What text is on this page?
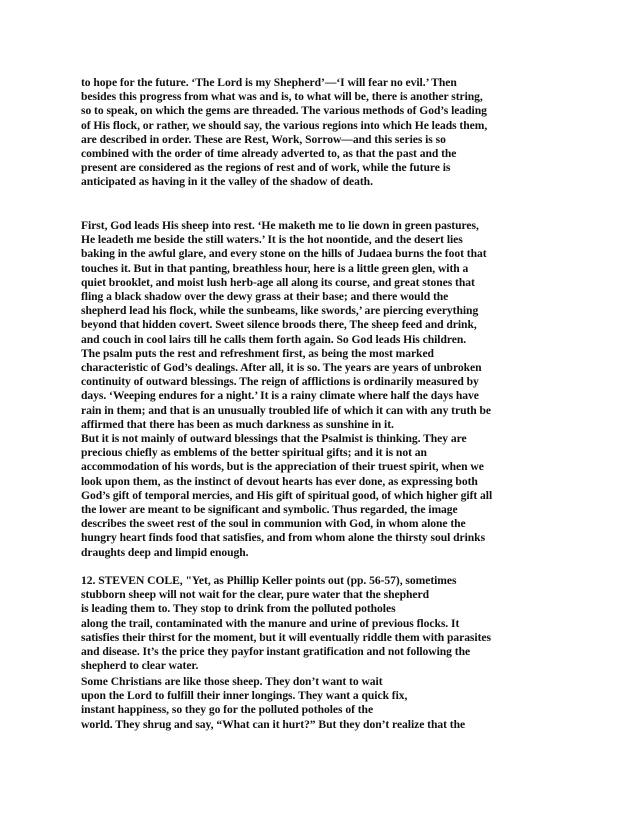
to hope for the future. ‘The Lord is my Shepherd’—‘I will fear no evil.’ Then
besides this progress from what was and is, to what will be, there is another string,
so to speak, on which the gems are threaded. The various methods of God’s leading
of His flock, or rather, we should say, the various regions into which He leads them,
are described in order. These are Rest, Work, Sorrow—and this series is so
combined with the order of time already adverted to, as that the past and the
present are considered as the regions of rest and of work, while the future is
anticipated as having in it the valley of the shadow of death.
First, God leads His sheep into rest. ‘He maketh me to lie down in green pastures,
He leadeth me beside the still waters.’ It is the hot noontide, and the desert lies
baking in the awful glare, and every stone on the hills of Judaea burns the foot that
touches it. But in that panting, breathless hour, here is a little green glen, with a
quiet brooklet, and moist lush herb-age all along its course, and great stones that
fling a black shadow over the dewy grass at their base; and there would the
shepherd lead his flock, while the sunbeams, like swords,’ are piercing everything
beyond that hidden covert. Sweet silence broods there, The sheep feed and drink,
and couch in cool lairs till he calls them forth again. So God leads His children.
The psalm puts the rest and refreshment first, as being the most marked
characteristic of God’s dealings. After all, it is so. The years are years of unbroken
continuity of outward blessings. The reign of afflictions is ordinarily measured by
days. ‘Weeping endures for a night.’ It is a rainy climate where half the days have
rain in them; and that is an unusually troubled life of which it can with any truth be
affirmed that there has been as much darkness as sunshine in it.
But it is not mainly of outward blessings that the Psalmist is thinking. They are
precious chiefly as emblems of the better spiritual gifts; and it is not an
accommodation of his words, but is the appreciation of their truest spirit, when we
look upon them, as the instinct of devout hearts has ever done, as expressing both
God’s gift of temporal mercies, and His gift of spiritual good, of which higher gift all
the lower are meant to be significant and symbolic. Thus regarded, the image
describes the sweet rest of the soul in communion with God, in whom alone the
hungry heart finds food that satisfies, and from whom alone the thirsty soul drinks
draughts deep and limpid enough.
12. STEVEN COLE, "Yet, as Phillip Keller points out (pp. 56-57), sometimes
stubborn sheep will not wait for the clear, pure water that the shepherd
is leading them to. They stop to drink from the polluted potholes
along the trail, contaminated with the manure and urine of previous flocks. It
satisfies their thirst for the moment, but it will eventually riddle them with parasites
and disease. It’s the price they payfor instant gratification and not following the
shepherd to clear water.
Some Christians are like those sheep. They don’t want to wait
upon the Lord to fulfill their inner longings. They want a quick fix,
instant happiness, so they go for the polluted potholes of the
world. They shrug and say, “What can it hurt?” But they don’t realize that the
